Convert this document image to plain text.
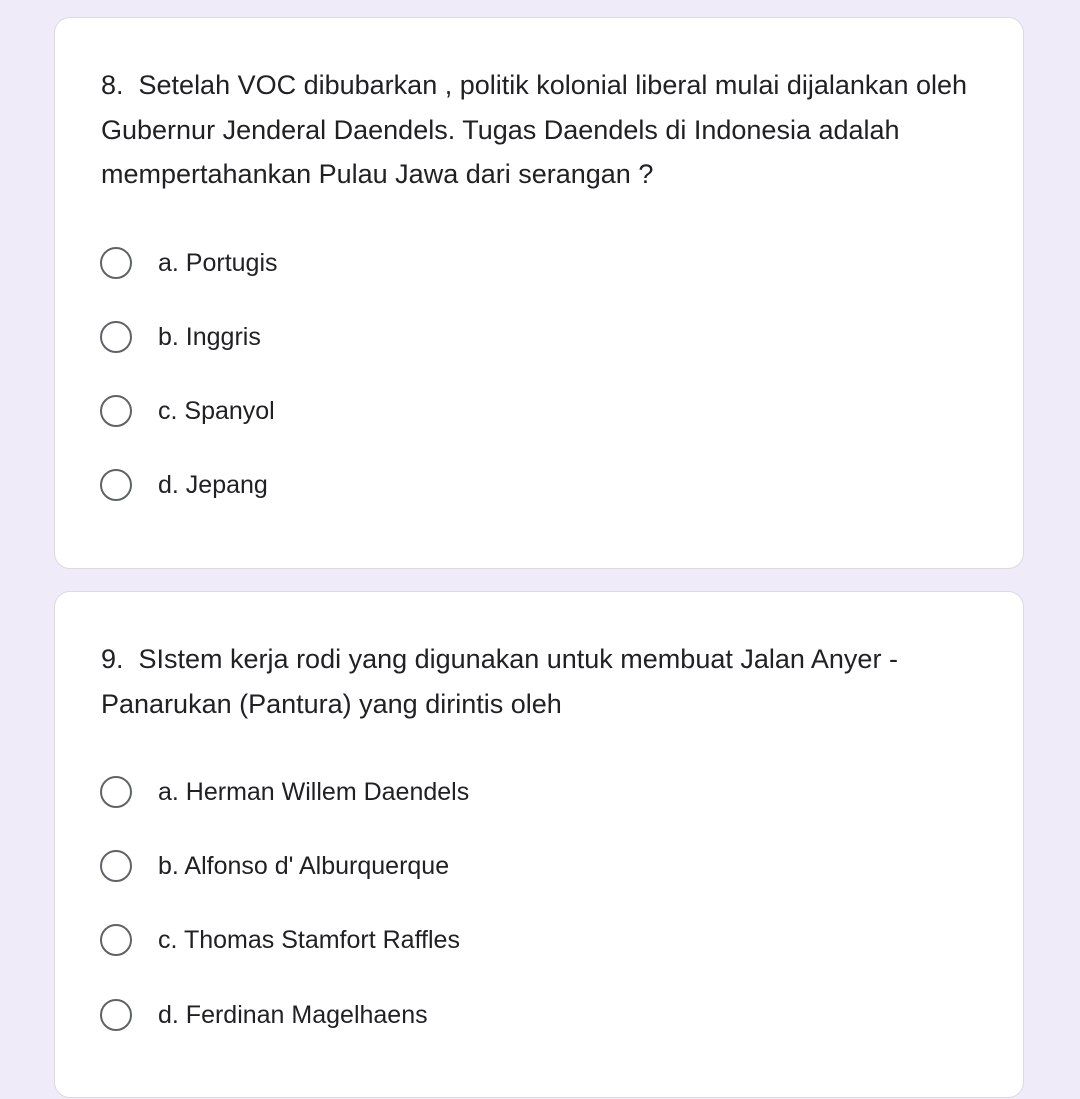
8.  Setelah VOC dibubarkan , politik kolonial liberal mulai dijalankan oleh Gubernur Jenderal Daendels. Tugas Daendels di Indonesia adalah mempertahankan Pulau Jawa dari serangan ?
a. Portugis
b. Inggris
c. Spanyol
d. Jepang
9.  SIstem kerja rodi yang digunakan untuk membuat Jalan Anyer - Panarukan (Pantura) yang dirintis oleh
a. Herman Willem Daendels
b. Alfonso d' Alburquerque
c. Thomas Stamfort Raffles
d. Ferdinan Magelhaens
